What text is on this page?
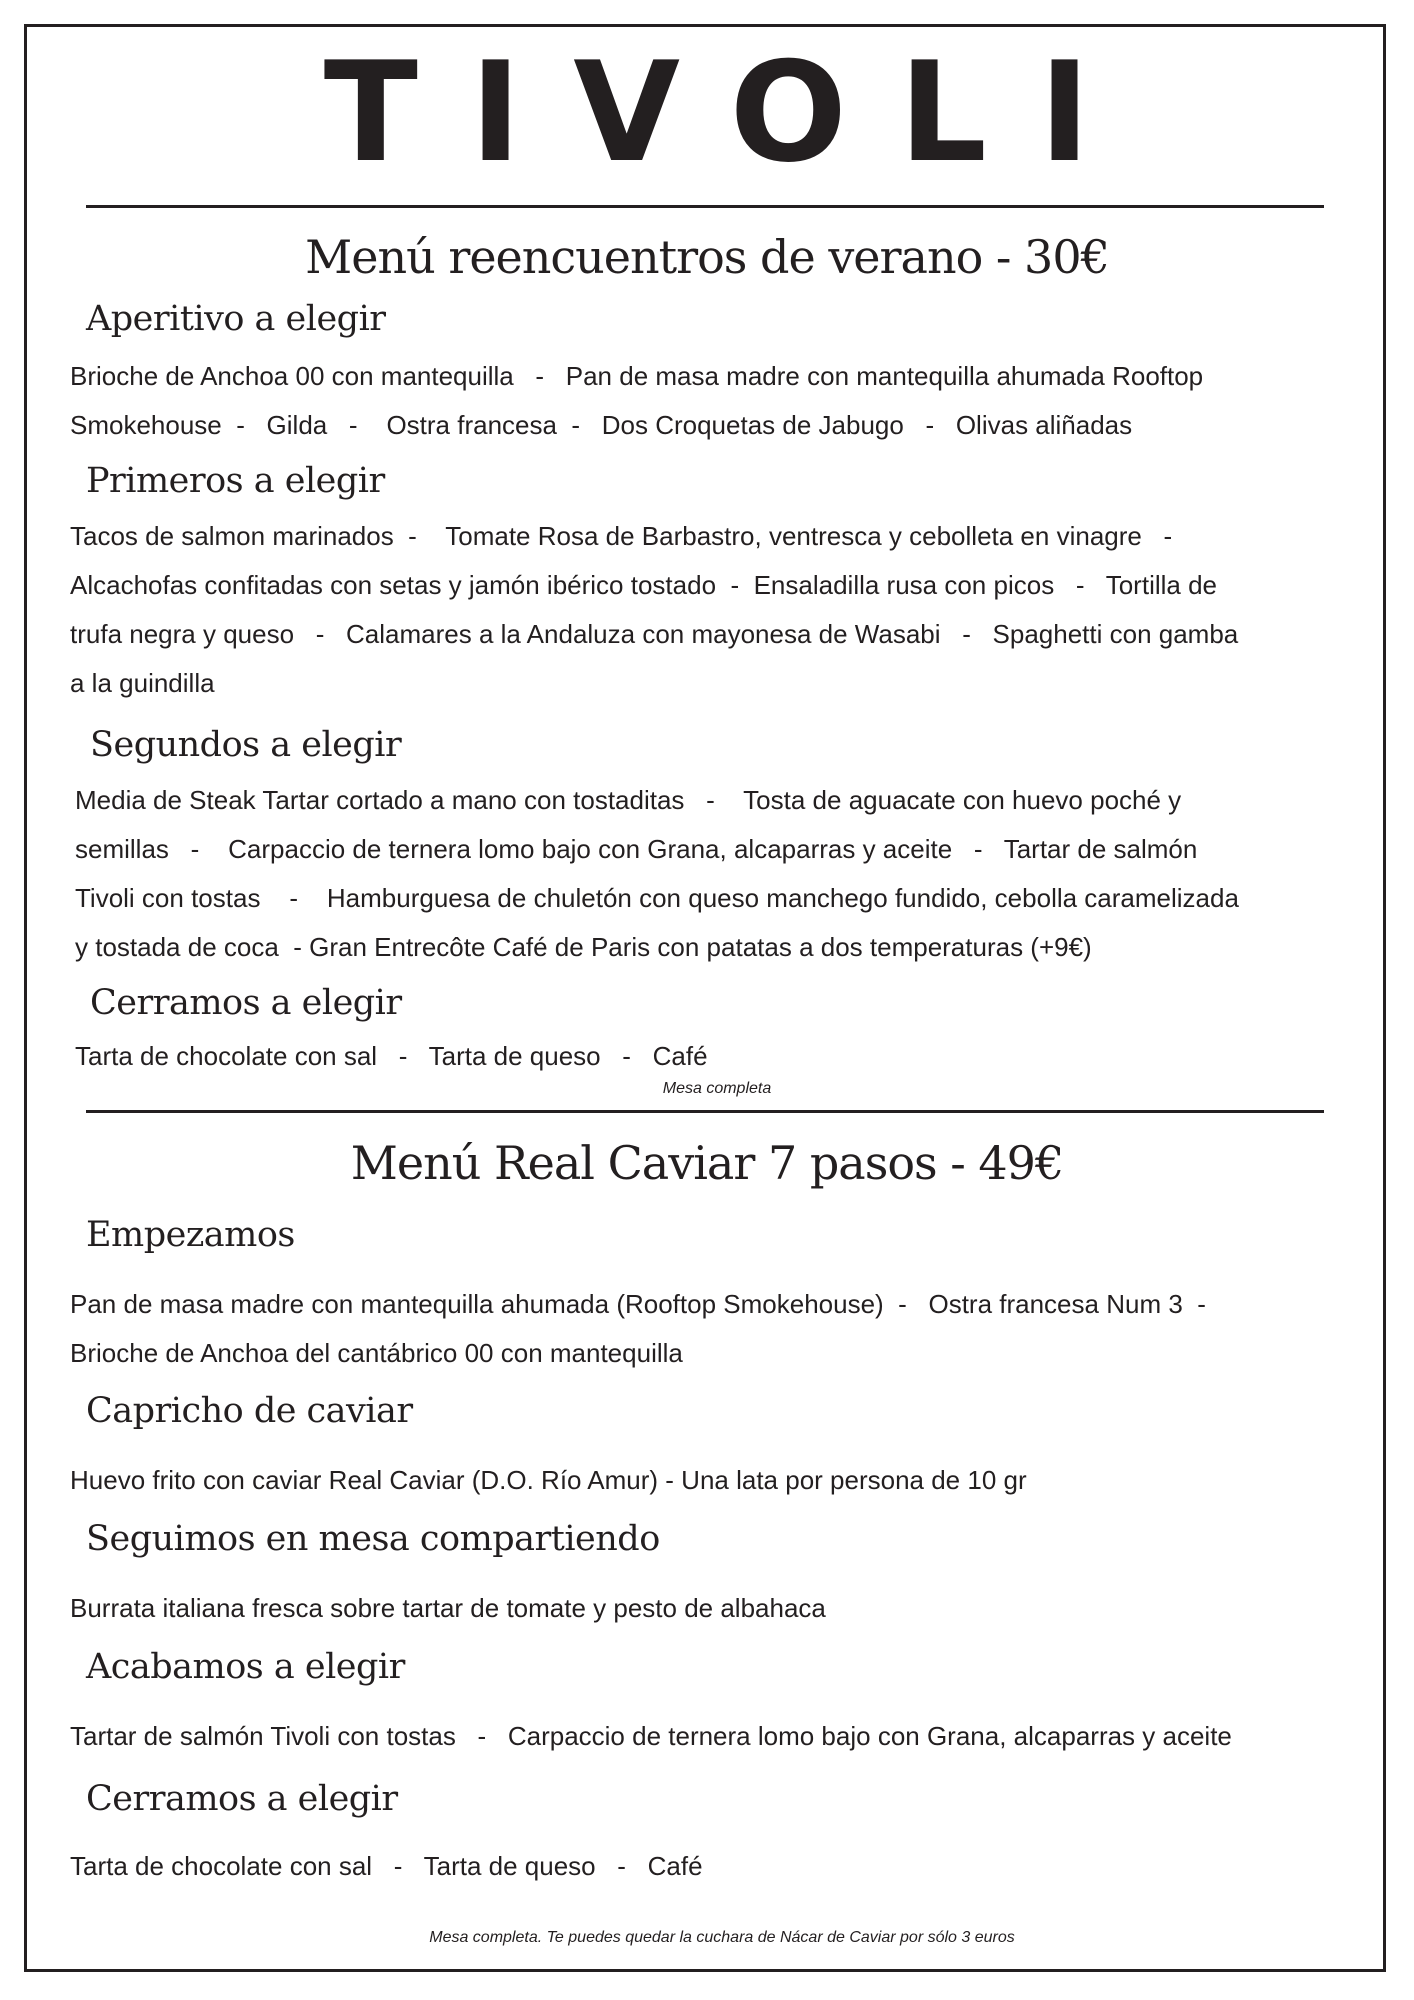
TIVOLI
Menú reencuentros de verano - 30€
Aperitivo a elegir

Brioche de Anchoa 00 con mantequilla   -   Pan de masa madre con mantequilla ahumada Rooftop
Smokehouse  -   Gilda   -    Ostra francesa  -   Dos Croquetas de Jabugo   -   Olivas aliñadas

Primeros a elegir

Tacos de salmon marinados  -    Tomate Rosa de Barbastro, ventresca y cebolleta en vinagre   -
Alcachofas confitadas con setas y jamón ibérico tostado  -  Ensaladilla rusa con picos   -   Tortilla de
trufa negra y queso   -   Calamares a la Andaluza con mayonesa de Wasabi   -   Spaghetti con gamba
a la guindilla

Segundos a elegir

Media de Steak Tartar cortado a mano con tostaditas   -    Tosta de aguacate con huevo poché y
semillas   -    Carpaccio de ternera lomo bajo con Grana, alcaparras y aceite   -   Tartar de salmón
Tivoli con tostas    -    Hamburguesa de chuletón con queso manchego fundido, cebolla caramelizada
y tostada de coca  - Gran Entrecôte Café de Paris con patatas a dos temperaturas (+9€)

Cerramos a elegir

Tarta de chocolate con sal   -   Tarta de queso   -   Café

Mesa completa
Menú Real Caviar 7 pasos - 49€
Empezamos

Pan de masa madre con mantequilla ahumada (Rooftop Smokehouse)  -   Ostra francesa Num 3  -
Brioche de Anchoa del cantábrico 00 con mantequilla

Capricho de caviar

Huevo frito con caviar Real Caviar (D.O. Río Amur) - Una lata por persona de 10 gr

Seguimos en mesa compartiendo

Burrata italiana fresca sobre tartar de tomate y pesto de albahaca

Acabamos a elegir

Tartar de salmón Tivoli con tostas   -   Carpaccio de ternera lomo bajo con Grana, alcaparras y aceite

Cerramos a elegir

Tarta de chocolate con sal   -   Tarta de queso   -   Café

Mesa completa. Te puedes quedar la cuchara de Nácar de Caviar por sólo 3 euros
